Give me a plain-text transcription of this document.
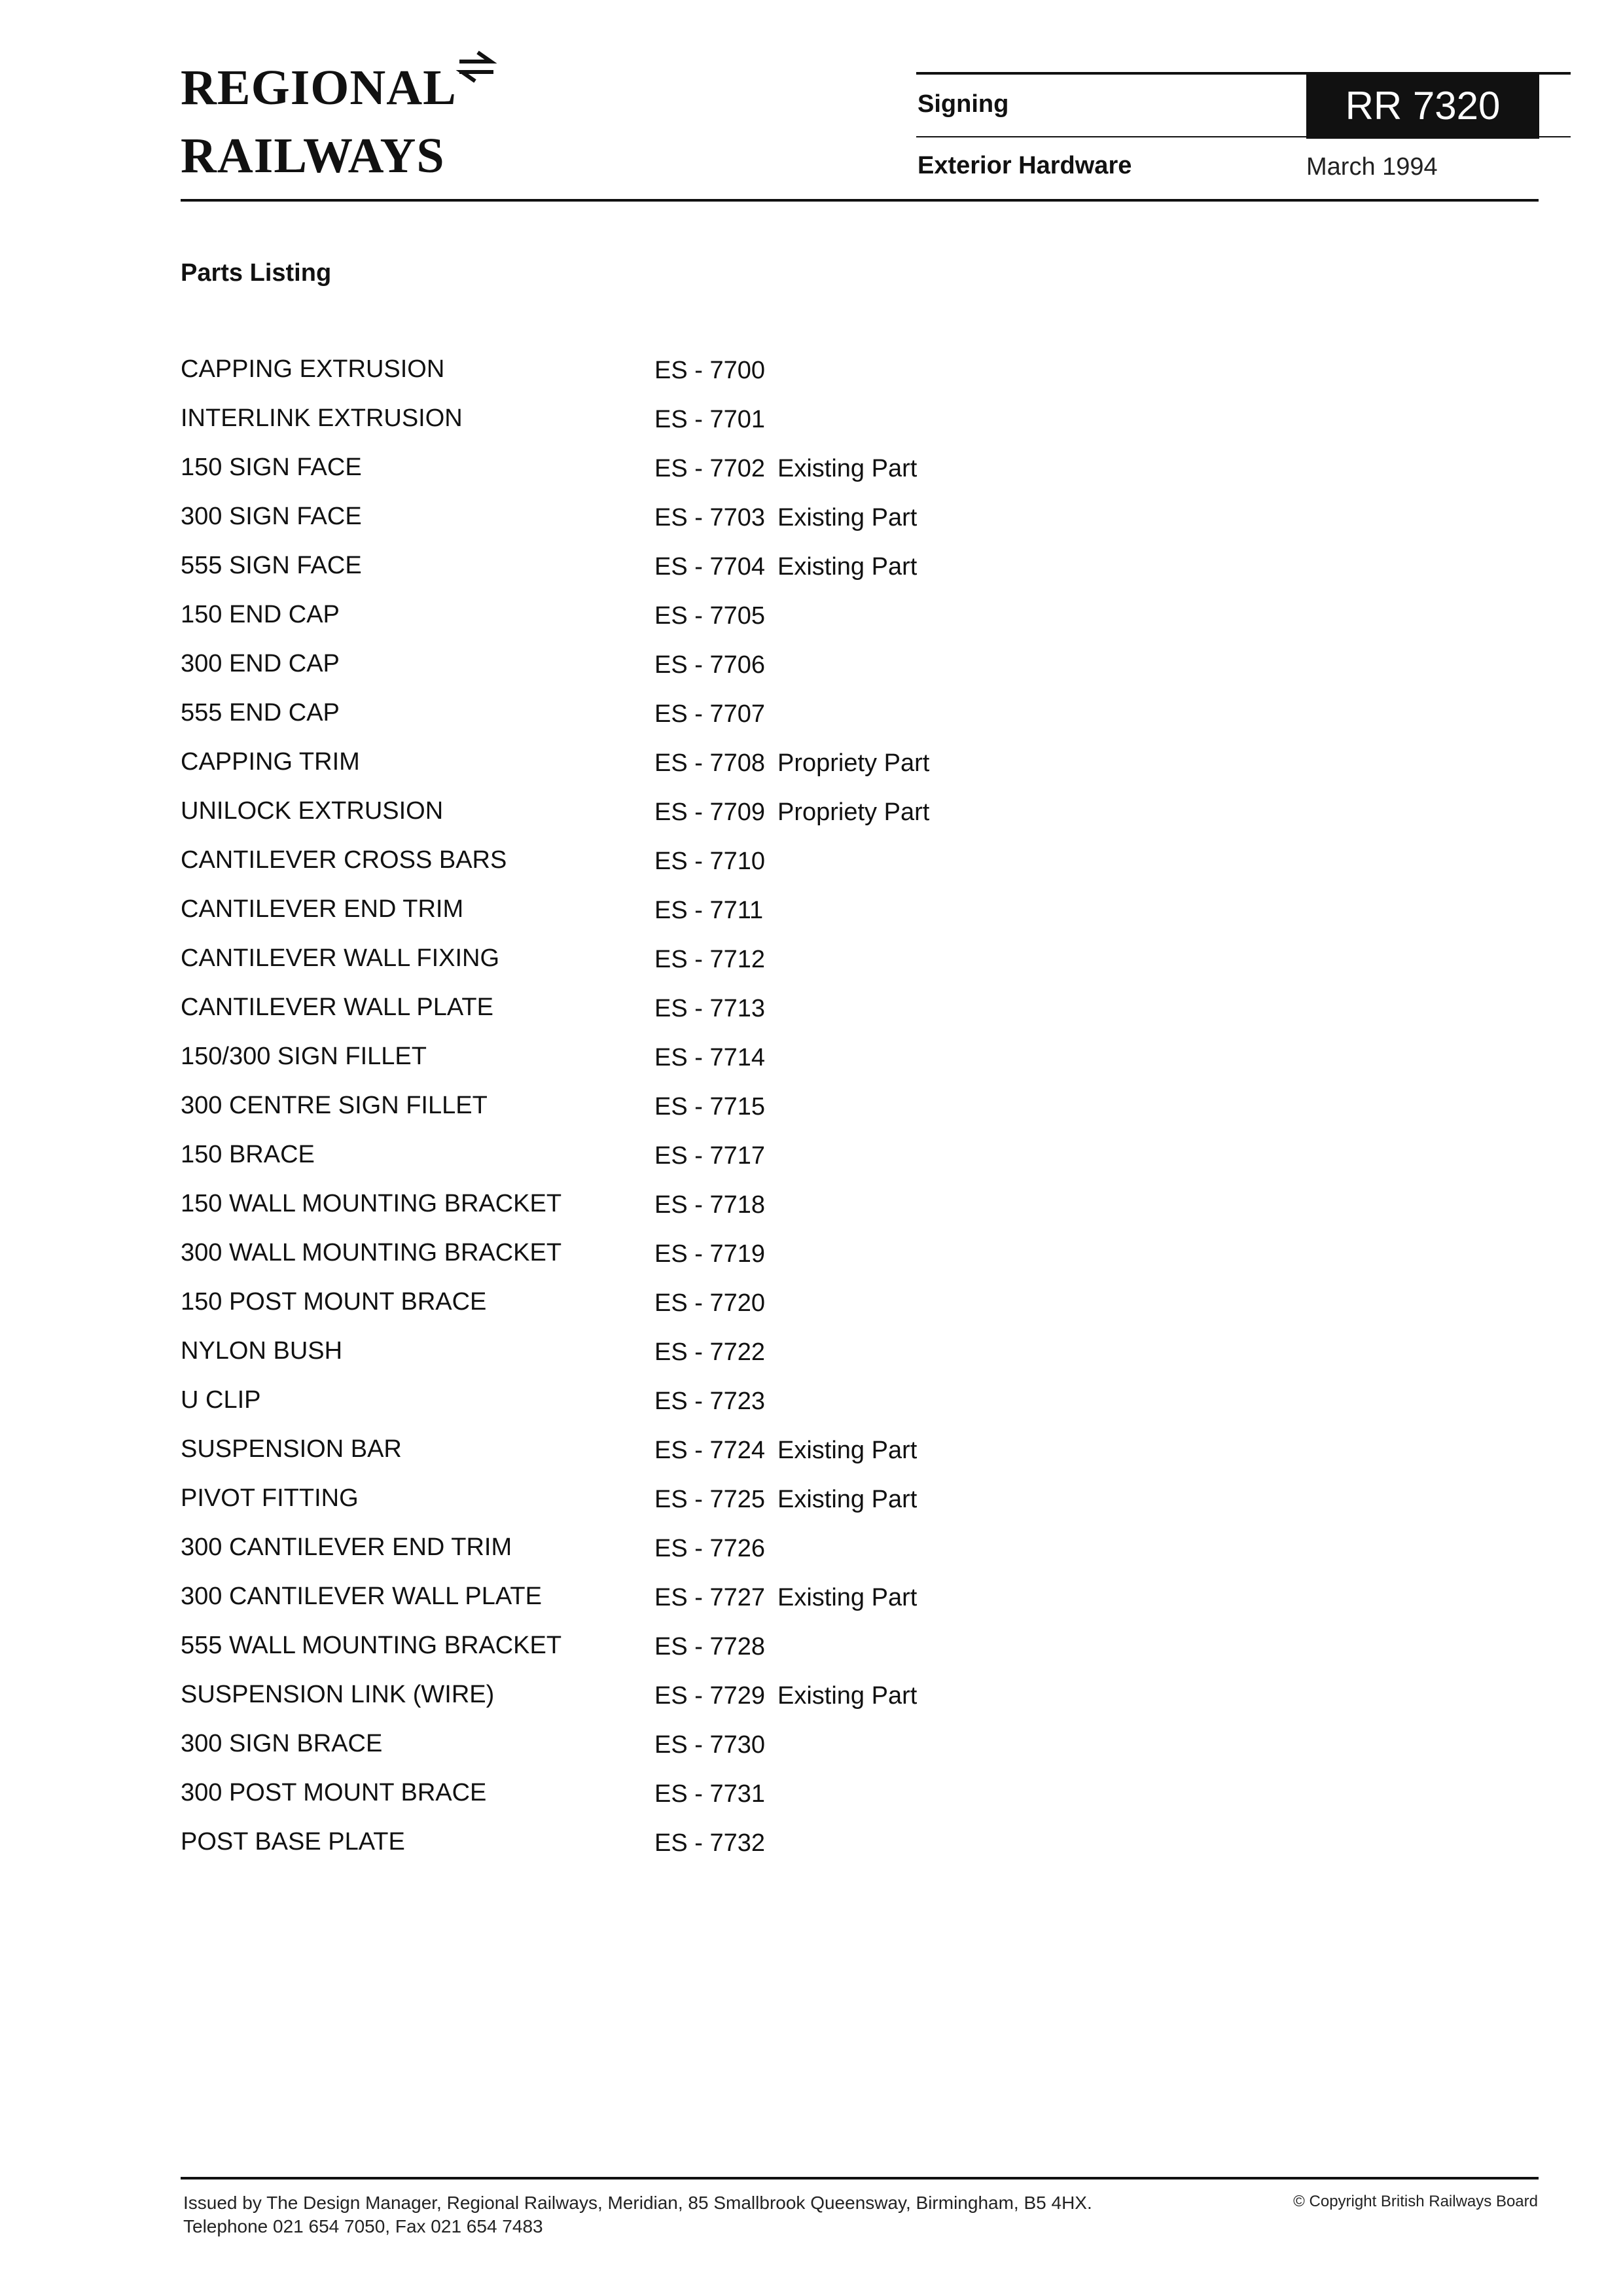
REGIONAL
RAILWAYS
Signing	RR 7320
Exterior Hardware	March 1994
Parts Listing
CAPPING EXTRUSION	ES - 7700
INTERLINK EXTRUSION	ES - 7701
150 SIGN FACE	ES - 7702 Existing Part
300 SIGN FACE	ES - 7703 Existing Part
555 SIGN FACE	ES - 7704 Existing Part
150 END CAP	ES - 7705
300 END CAP	ES - 7706
555 END CAP	ES - 7707
CAPPING TRIM	ES - 7708 Propriety Part
UNILOCK EXTRUSION	ES - 7709 Propriety Part
CANTILEVER CROSS BARS	ES - 7710
CANTILEVER END TRIM	ES - 7711
CANTILEVER WALL FIXING	ES - 7712
CANTILEVER WALL PLATE	ES - 7713
150/300 SIGN FILLET	ES - 7714
300 CENTRE SIGN FILLET	ES - 7715
150 BRACE	ES - 7717
150 WALL MOUNTING BRACKET	ES - 7718
300 WALL MOUNTING BRACKET	ES - 7719
150 POST MOUNT BRACE	ES - 7720
NYLON BUSH	ES - 7722
U CLIP	ES - 7723
SUSPENSION BAR	ES - 7724 Existing Part
PIVOT FITTING	ES - 7725 Existing Part
300 CANTILEVER END TRIM	ES - 7726
300 CANTILEVER WALL PLATE	ES - 7727 Existing Part
555 WALL MOUNTING BRACKET	ES - 7728
SUSPENSION LINK (WIRE)	ES - 7729 Existing Part
300 SIGN BRACE	ES - 7730
300 POST MOUNT BRACE	ES - 7731
POST BASE PLATE	ES - 7732
Issued by The Design Manager, Regional Railways, Meridian, 85 Smallbrook Queensway, Birmingham, B5 4HX.
Telephone 021 654 7050, Fax 021 654 7483
© Copyright British Railways Board
